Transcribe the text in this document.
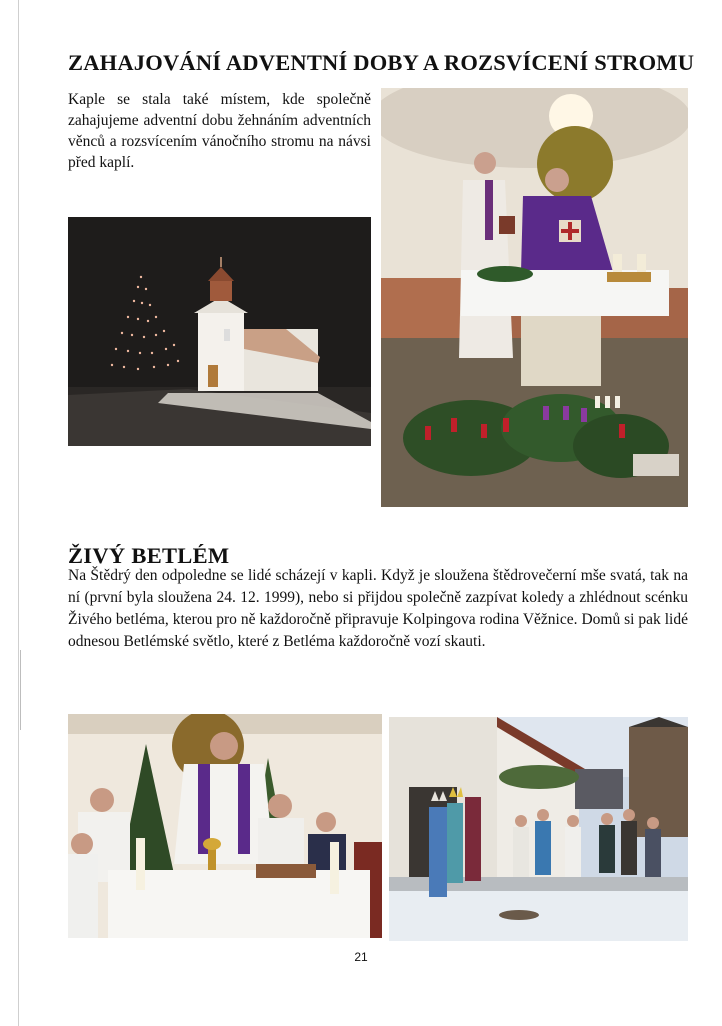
ZAHAJOVÁNÍ ADVENTNÍ DOBY A ROZSVÍCENÍ STROMU
Kaple se stala také místem, kde společně zahajujeme adventní dobu žehnáním adventních věnců a rozsvícením vánočního stromu na návsi před kaplí.
ŽIVÝ BETLÉM
Na Štědrý den odpoledne se lidé scházejí v kapli. Když je sloužena štědrovečerní mše svatá, tak na ní (první byla sloužena 24. 12. 1999), nebo si přijdou společně zazpívat koledy a zhlédnout scénku Živého betléma, kterou pro ně každoročně připravuje Kolpingova rodina Věžnice. Domů si pak lidé odnesou Betlémské světlo, které z Betléma každoročně vozí skauti.
21
